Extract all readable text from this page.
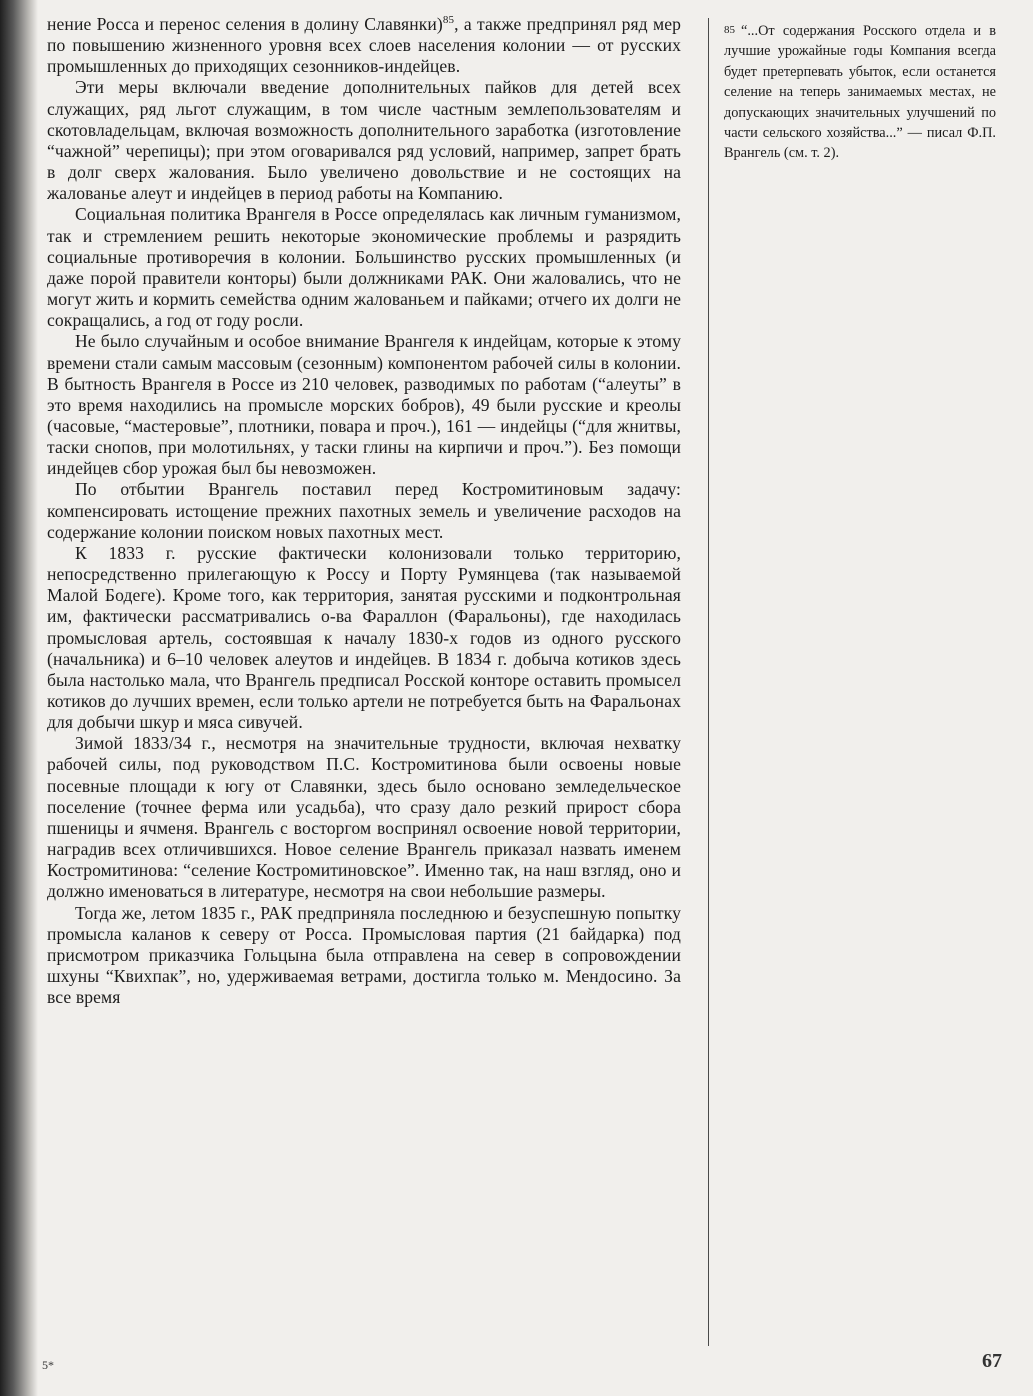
нение Росса и перенос селения в долину Славянки)$^{85}$, а также предпринял ряд мер по повышению жизненного уровня всех слоев населения колонии — от русских промышленных до приходящих сезонников-индейцев.

Эти меры включали введение дополнительных пайков для детей всех служащих, ряд льгот служащим, в том числе частным землепользователям и скотовладельцам, включая возможность дополнительного заработка (изготовление “чажной” черепицы); при этом оговаривался ряд условий, например, запрет брать в долг сверх жалования. Было увеличено довольствие и не состоящих на жалованье алеут и индейцев в период работы на Компанию.

Социальная политика Врангеля в Россе определялась как личным гуманизмом, так и стремлением решить некоторые экономические проблемы и разрядить социальные противоречия в колонии. Большинство русских промышленных (и даже порой правители конторы) были должниками РАК. Они жаловались, что не могут жить и кормить семейства одним жалованьем и пайками; отчего их долги не сокращались, а год от году росли.

Не было случайным и особое внимание Врангеля к индейцам, которые к этому времени стали самым массовым (сезонным) компонентом рабочей силы в колонии. В бытность Врангеля в Россе из 210 человек, разводимых по работам (“алеуты” в это время находились на промысле морских бобров), 49 были русские и креолы (часовые, “мастеровые”, плотники, повара и проч.), 161 — индейцы (“для жнитвы, таски снопов, при молотильнях, у таски глины на кирпичи и проч.”). Без помощи индейцев сбор урожая был бы невозможен.

По отбытии Врангель поставил перед Костромитиновым задачу: компенсировать истощение прежних пахотных земель и увеличение расходов на содержание колонии поиском новых пахотных мест.

К 1833 г. русские фактически колонизовали только территорию, непосредственно прилегающую к Россу и Порту Румянцева (так называемой Малой Бодеге). Кроме того, как территория, занятая русскими и подконтрольная им, фактически рассматривались о-ва Фараллон (Фаральоны), где находилась промысловая артель, состоявшая к началу 1830-х годов из одного русского (начальника) и 6–10 человек алеутов и индейцев. В 1834 г. добыча котиков здесь была настолько мала, что Врангель предписал Росской конторе оставить промысел котиков до лучших времен, если только артели не потребуется быть на Фаральонах для добычи шкур и мяса сивучей.

Зимой 1833/34 г., несмотря на значительные трудности, включая нехватку рабочей силы, под руководством П.С. Костромитинова были освоены новые посевные площади к югу от Славянки, здесь было основано земледельческое поселение (точнее ферма или усадьба), что сразу дало резкий прирост сбора пшеницы и ячменя. Врангель с восторгом воспринял освоение новой территории, наградив всех отличившихся. Новое селение Врангель приказал назвать именем Костромитинова: “селение Костромитиновское”. Именно так, на наш взгляд, оно и должно именоваться в литературе, несмотря на свои небольшие размеры.

Тогда же, летом 1835 г., РАК предприняла последнюю и безуспешную попытку промысла каланов к северу от Росса. Промысловая партия (21 байдарка) под присмотром приказчика Гольцына была отправлена на север в сопровождении шхуны “Квихпак”, но, удерживаемая ветрами, достигла только м. Мендосино. За все время

85 “...От содержания Росского отдела и в лучшие урожайные годы Компания всегда будет претерпевать убыток, если останется селение на теперь занимаемых местах, не допускающих значительных улучшений по части сельского хозяйства...” — писал Ф.П. Врангель (см. т. 2).
5*	67
